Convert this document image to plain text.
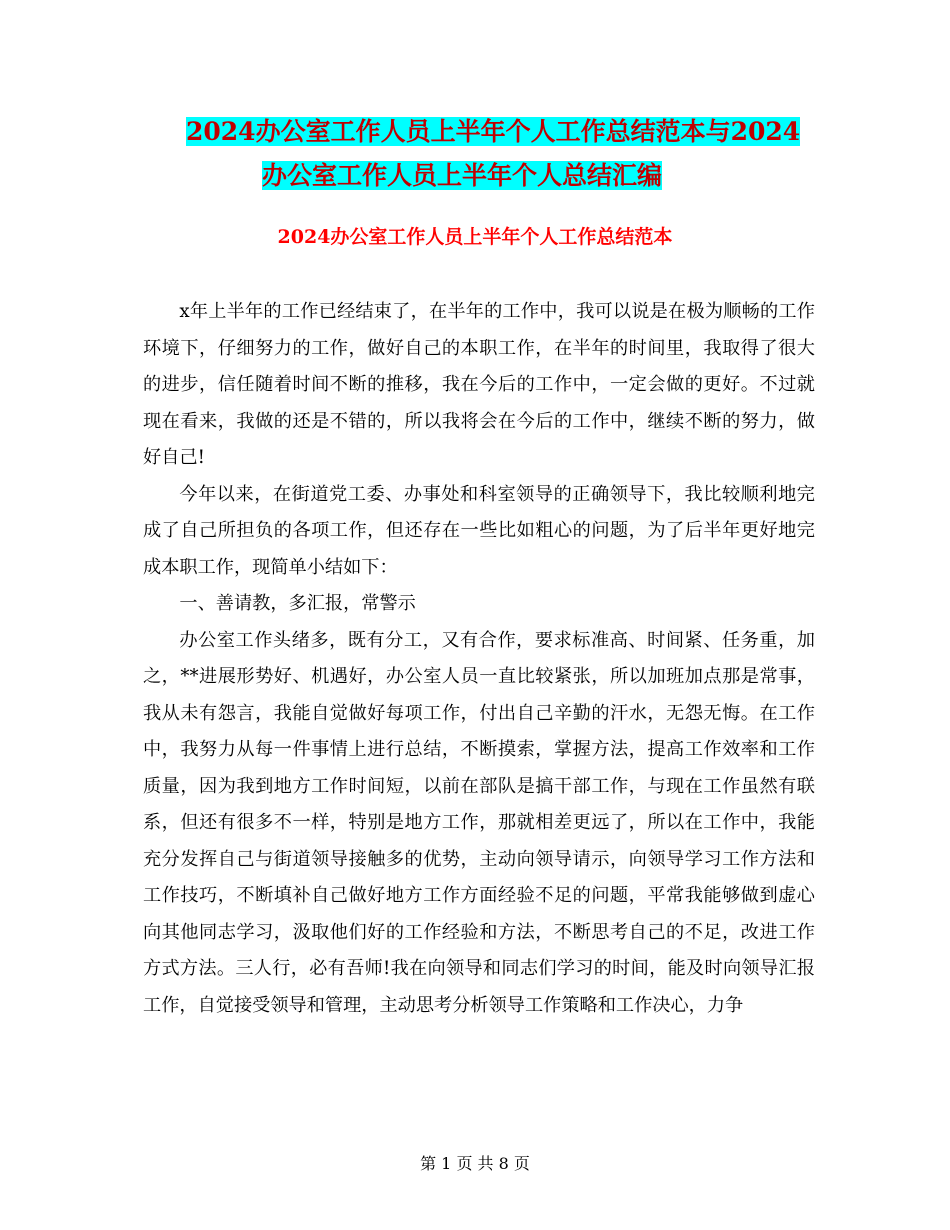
2024办公室工作人员上半年个人工作总结范本与2024
办公室工作人员上半年个人总结汇编
2024办公室工作人员上半年个人工作总结范本

x年上半年的工作已经结束了，在半年的工作中，我可以说是在极为顺畅的工作环境下，仔细努力的工作，做好自己的本职工作，在半年的时间里，我取得了很大的进步，信任随着时间不断的推移，我在今后的工作中，一定会做的更好。不过就现在看来，我做的还是不错的，所以我将会在今后的工作中，继续不断的努力，做好自己!

今年以来，在街道党工委、办事处和科室领导的正确领导下，我比较顺利地完成了自己所担负的各项工作，但还存在一些比如粗心的问题，为了后半年更好地完成本职工作，现简单小结如下：

一、善请教，多汇报，常警示

办公室工作头绪多，既有分工，又有合作，要求标准高、时间紧、任务重，加之，**进展形势好、机遇好，办公室人员一直比较紧张，所以加班加点那是常事，我从未有怨言，我能自觉做好每项工作，付出自己辛勤的汗水，无怨无悔。在工作中，我努力从每一件事情上进行总结，不断摸索，掌握方法，提高工作效率和工作质量，因为我到地方工作时间短，以前在部队是搞干部工作，与现在工作虽然有联系，但还有很多不一样，特别是地方工作，那就相差更远了，所以在工作中，我能充分发挥自己与街道领导接触多的优势，主动向领导请示，向领导学习工作方法和工作技巧，不断填补自己做好地方工作方面经验不足的问题，平常我能够做到虚心向其他同志学习，汲取他们好的工作经验和方法，不断思考自己的不足，改进工作方式方法。三人行，必有吾师!我在向领导和同志们学习的时间，能及时向领导汇报工作，自觉接受领导和管理，主动思考分析领导工作策略和工作决心，力争

第 1 页 共 8 页
